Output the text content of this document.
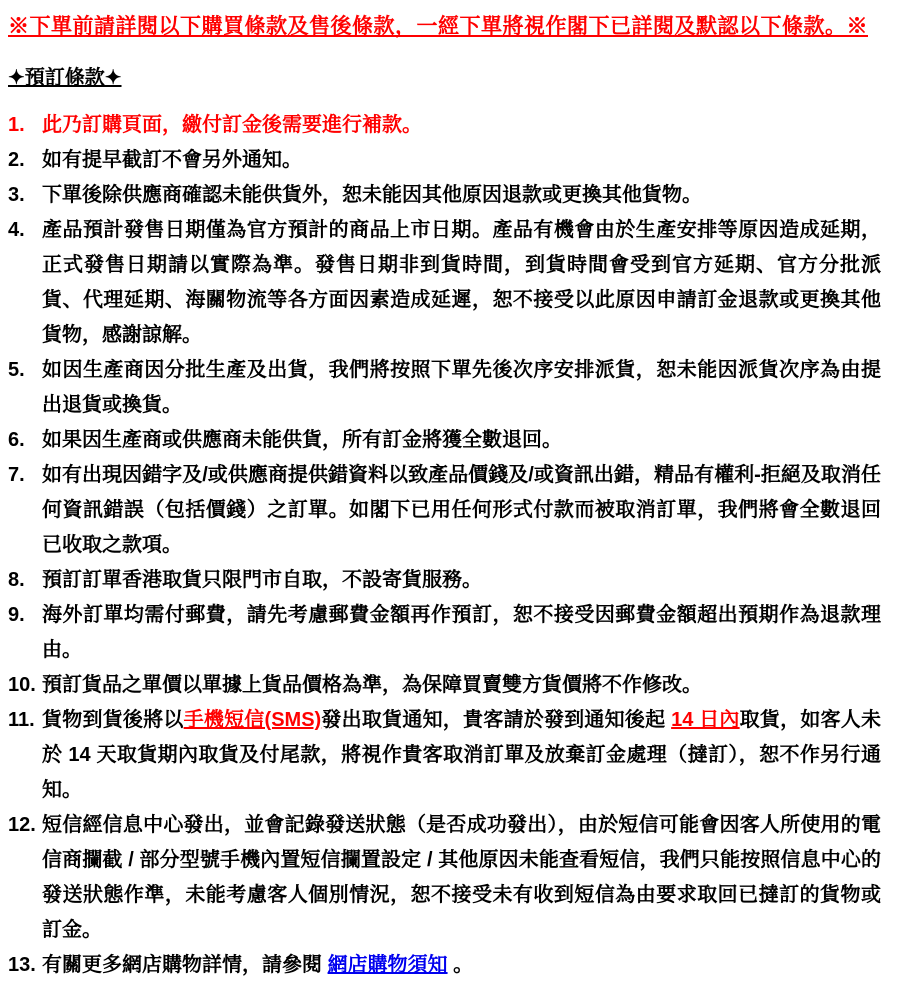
※下單前請詳閱以下購買條款及售後條款，一經下單將視作閣下已詳閱及默認以下條款。※

✦預訂條款✦

1. 此乃訂購頁面，繳付訂金後需要進行補款。
2. 如有提早截訂不會另外通知。
3. 下單後除供應商確認未能供貨外，恕未能因其他原因退款或更換其他貨物。
4. 產品預計發售日期僅為官方預計的商品上市日期。產品有機會由於生產安排等原因造成延期，正式發售日期請以實際為準。發售日期非到貨時間，到貨時間會受到官方延期、官方分批派貨、代理延期、海關物流等各方面因素造成延遲，恕不接受以此原因申請訂金退款或更換其他貨物，感謝諒解。
5. 如因生產商因分批生產及出貨，我們將按照下單先後次序安排派貨，恕未能因派貨次序為由提出退貨或換貨。
6. 如果因生產商或供應商未能供貨，所有訂金將獲全數退回。
7. 如有出現因錯字及/或供應商提供錯資料以致產品價錢及/或資訊出錯，精品有權利-拒絕及取消任何資訊錯誤（包括價錢）之訂單。如閣下已用任何形式付款而被取消訂單，我們將會全數退回已收取之款項。
8. 預訂訂單香港取貨只限門市自取，不設寄貨服務。
9. 海外訂單均需付郵費，請先考慮郵費金額再作預訂，恕不接受因郵費金額超出預期作為退款理由。
10. 預訂貨品之單價以單據上貨品價格為準，為保障買賣雙方貨價將不作修改。
11. 貨物到貨後將以手機短信(SMS)發出取貨通知，貴客請於發到通知後起 14 日內取貨，如客人未於 14 天取貨期內取貨及付尾款，將視作貴客取消訂單及放棄訂金處理（撻訂），恕不作另行通知。
12. 短信經信息中心發出，並會記錄發送狀態（是否成功發出），由於短信可能會因客人所使用的電信商攔截 / 部分型號手機內置短信攔置設定 / 其他原因未能查看短信，我們只能按照信息中心的發送狀態作準，未能考慮客人個別情況，恕不接受未有收到短信為由要求取回已撻訂的貨物或訂金。
13. 有關更多網店購物詳情，請參閱 網店購物須知 。
